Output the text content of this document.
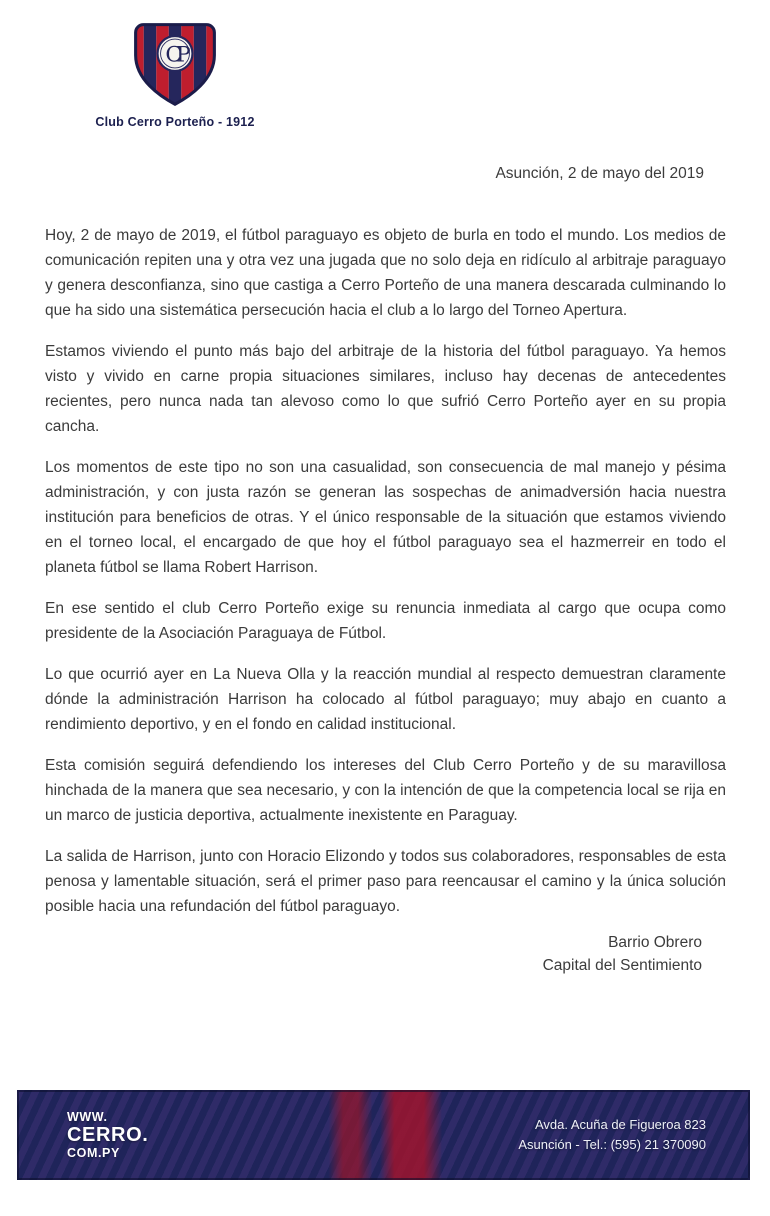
CP
Club Cerro Porteño - 1912
Asunción, 2 de mayo del 2019

Hoy, 2 de mayo de 2019, el fútbol paraguayo es objeto de burla en todo el mundo. Los medios de comunicación repiten una y otra vez una jugada que no solo deja en ridículo al arbitraje paraguayo y genera desconfianza, sino que castiga a Cerro Porteño de una manera descarada culminando lo que ha sido una sistemática persecución hacia el club a lo largo del Torneo Apertura.

Estamos viviendo el punto más bajo del arbitraje de la historia del fútbol paraguayo. Ya hemos visto y vivido en carne propia situaciones similares, incluso hay decenas de antecedentes recientes, pero nunca nada tan alevoso como lo que sufrió Cerro Porteño ayer en su propia cancha.

Los momentos de este tipo no son una casualidad, son consecuencia de mal manejo y pésima administración, y con justa razón se generan las sospechas de animadversión hacia nuestra institución para beneficios de otras. Y el único responsable de la situación que estamos viviendo en el torneo local, el encargado de que hoy el fútbol paraguayo sea el hazmerreir en todo el planeta fútbol se llama Robert Harrison.

En ese sentido el club Cerro Porteño exige su renuncia inmediata al cargo que ocupa como presidente de la Asociación Paraguaya de Fútbol.

Lo que ocurrió ayer en La Nueva Olla y la reacción mundial al respecto demuestran claramente dónde la administración Harrison ha colocado al fútbol paraguayo; muy abajo en cuanto a rendimiento deportivo, y en el fondo en calidad institucional.

Esta comisión seguirá defendiendo los intereses del Club Cerro Porteño y de su maravillosa hinchada de la manera que sea necesario, y con la intención de que la competencia local se rija en un marco de justicia deportiva, actualmente inexistente en Paraguay.

La salida de Harrison, junto con Horacio Elizondo y todos sus colaboradores, responsables de esta penosa y lamentable situación, será el primer paso para reencausar el camino y la única solución posible hacia una refundación del fútbol paraguayo.

Barrio Obrero
Capital del Sentimiento
WWW.
CERRO.
COM.PY
Avda. Acuña de Figueroa 823
Asunción - Tel.: (595) 21 370090
